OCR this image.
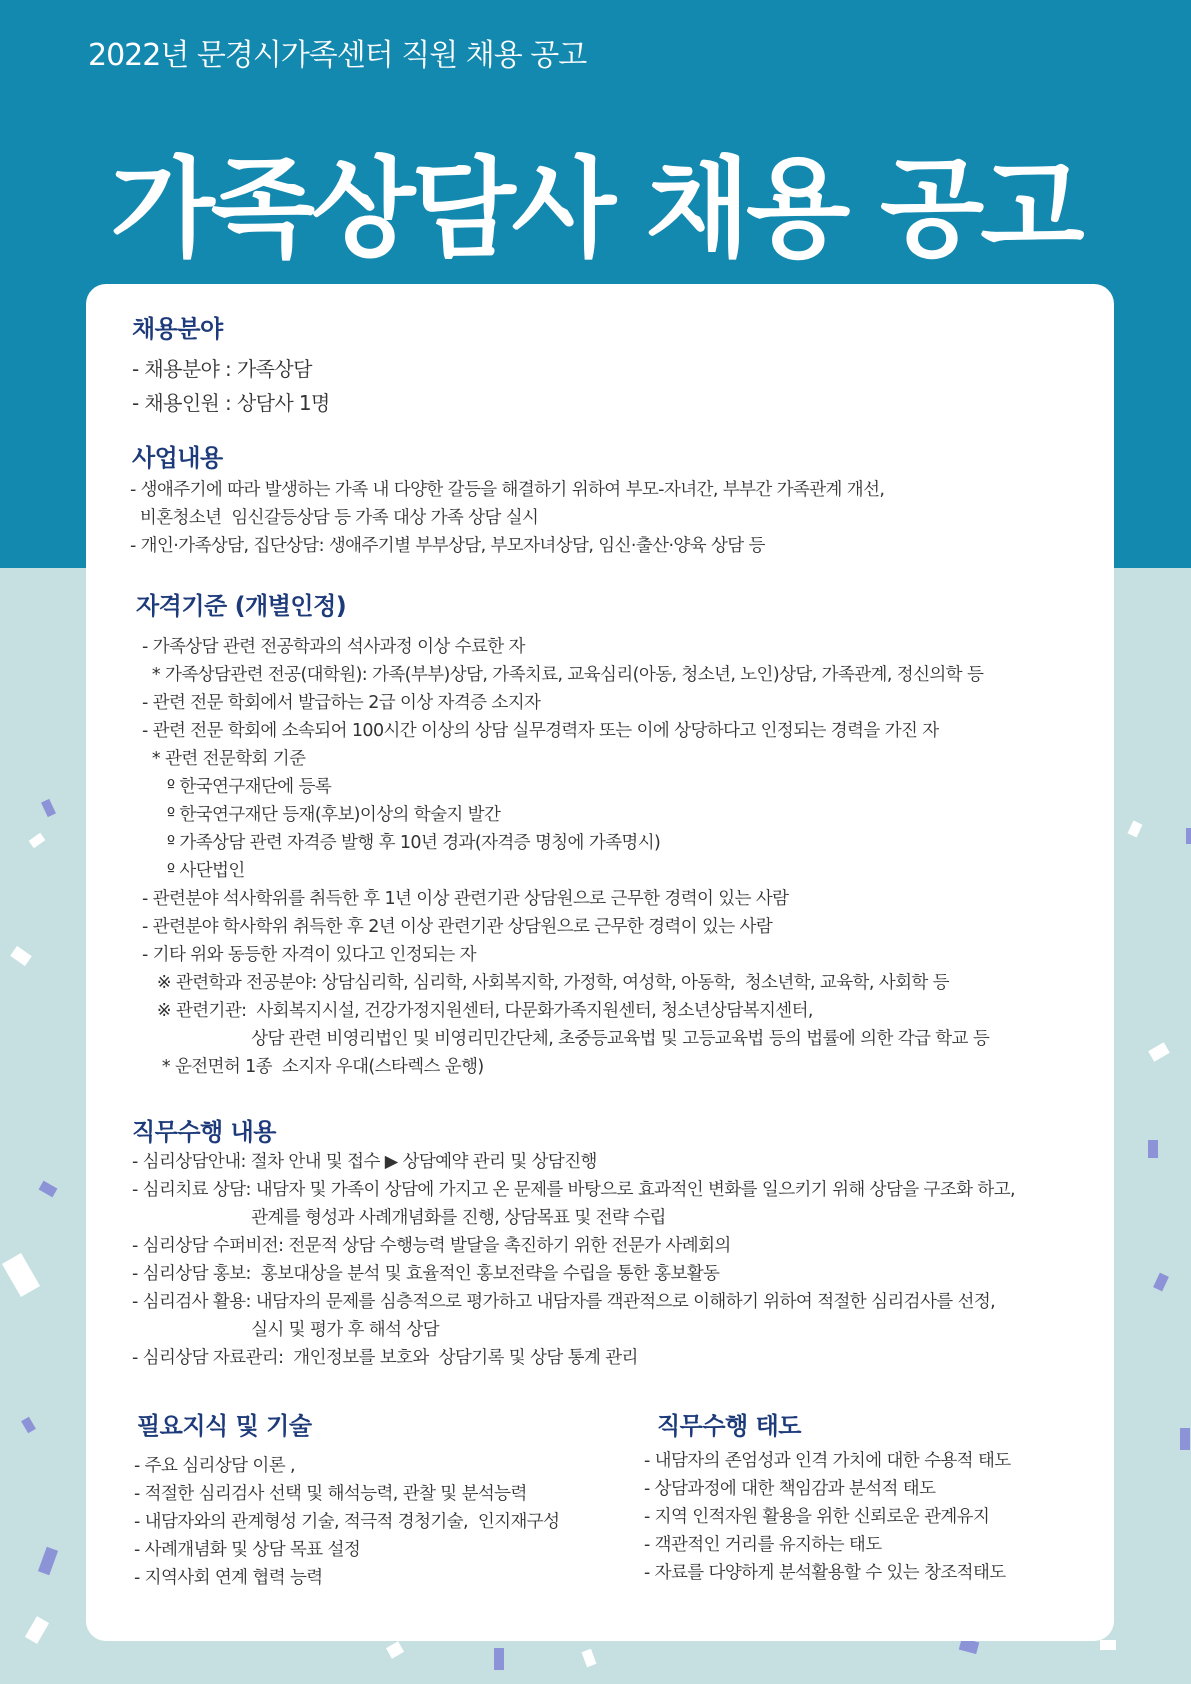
2022년 문경시가족센터 직원 채용 공고
가족상담사 채용 공고
채용분야
- 채용분야 : 가족상담
- 채용인원 : 상담사 1명
사업내용
- 생애주기에 따라 발생하는 가족 내 다양한 갈등을 해결하기 위하여 부모-자녀간, 부부간 가족관계 개선,
비혼청소년  임신갈등상담 등 가족 대상 가족 상담 실시
- 개인·가족상담, 집단상담: 생애주기별 부부상담, 부모자녀상담, 임신·출산·양육 상담 등
자격기준 (개별인정)
- 가족상담 관련 전공학과의 석사과정 이상 수료한 자
* 가족상담관련 전공(대학원): 가족(부부)상담, 가족치료, 교육심리(아동, 청소년, 노인)상담, 가족관계, 정신의학 등
- 관련 전문 학회에서 발급하는 2급 이상 자격증 소지자
- 관련 전문 학회에 소속되어 100시간 이상의 상담 실무경력자 또는 이에 상당하다고 인정되는 경력을 가진 자
* 관련 전문학회 기준
º 한국연구재단에 등록
º 한국연구재단 등재(후보)이상의 학술지 발간
º 가족상담 관련 자격증 발행 후 10년 경과(자격증 명칭에 가족명시)
º 사단법인
- 관련분야 석사학위를 취득한 후 1년 이상 관련기관 상담원으로 근무한 경력이 있는 사람
- 관련분야 학사학위 취득한 후 2년 이상 관련기관 상담원으로 근무한 경력이 있는 사람
- 기타 위와 동등한 자격이 있다고 인정되는 자
※ 관련학과 전공분야: 상담심리학, 심리학, 사회복지학, 가정학, 여성학, 아동학,  청소년학, 교육학, 사회학 등
※ 관련기관:  사회복지시설, 건강가정지원센터, 다문화가족지원센터, 청소년상담복지센터,
상담 관련 비영리법인 및 비영리민간단체, 초중등교육법 및 고등교육법 등의 법률에 의한 각급 학교 등
* 운전면허 1종  소지자 우대(스타렉스 운행)
직무수행 내용
- 심리상담안내: 절차 안내 및 접수 ▶ 상담예약 관리 및 상담진행
- 심리치료 상담: 내담자 및 가족이 상담에 가지고 온 문제를 바탕으로 효과적인 변화를 일으키기 위해 상담을 구조화 하고,
관계를 형성과 사례개념화를 진행, 상담목표 및 전략 수립
- 심리상담 수퍼비전: 전문적 상담 수행능력 발달을 촉진하기 위한 전문가 사례회의
- 심리상담 홍보:  홍보대상을 분석 및 효율적인 홍보전략을 수립을 통한 홍보활동
- 심리검사 활용: 내담자의 문제를 심층적으로 평가하고 내담자를 객관적으로 이해하기 위하여 적절한 심리검사를 선정,
실시 및 평가 후 해석 상담
- 심리상담 자료관리:  개인정보를 보호와  상담기록 및 상담 통계 관리
필요지식 및 기술
- 주요 심리상담 이론 ,
- 적절한 심리검사 선택 및 해석능력, 관찰 및 분석능력
- 내담자와의 관계형성 기술, 적극적 경청기술,  인지재구성
- 사례개념화 및 상담 목표 설정
- 지역사회 연계 협력 능력
직무수행 태도
- 내담자의 존엄성과 인격 가치에 대한 수용적 태도
- 상담과정에 대한 책임감과 분석적 태도
- 지역 인적자원 활용을 위한 신뢰로운 관계유지
- 객관적인 거리를 유지하는 태도
- 자료를 다양하게 분석활용할 수 있는 창조적태도
